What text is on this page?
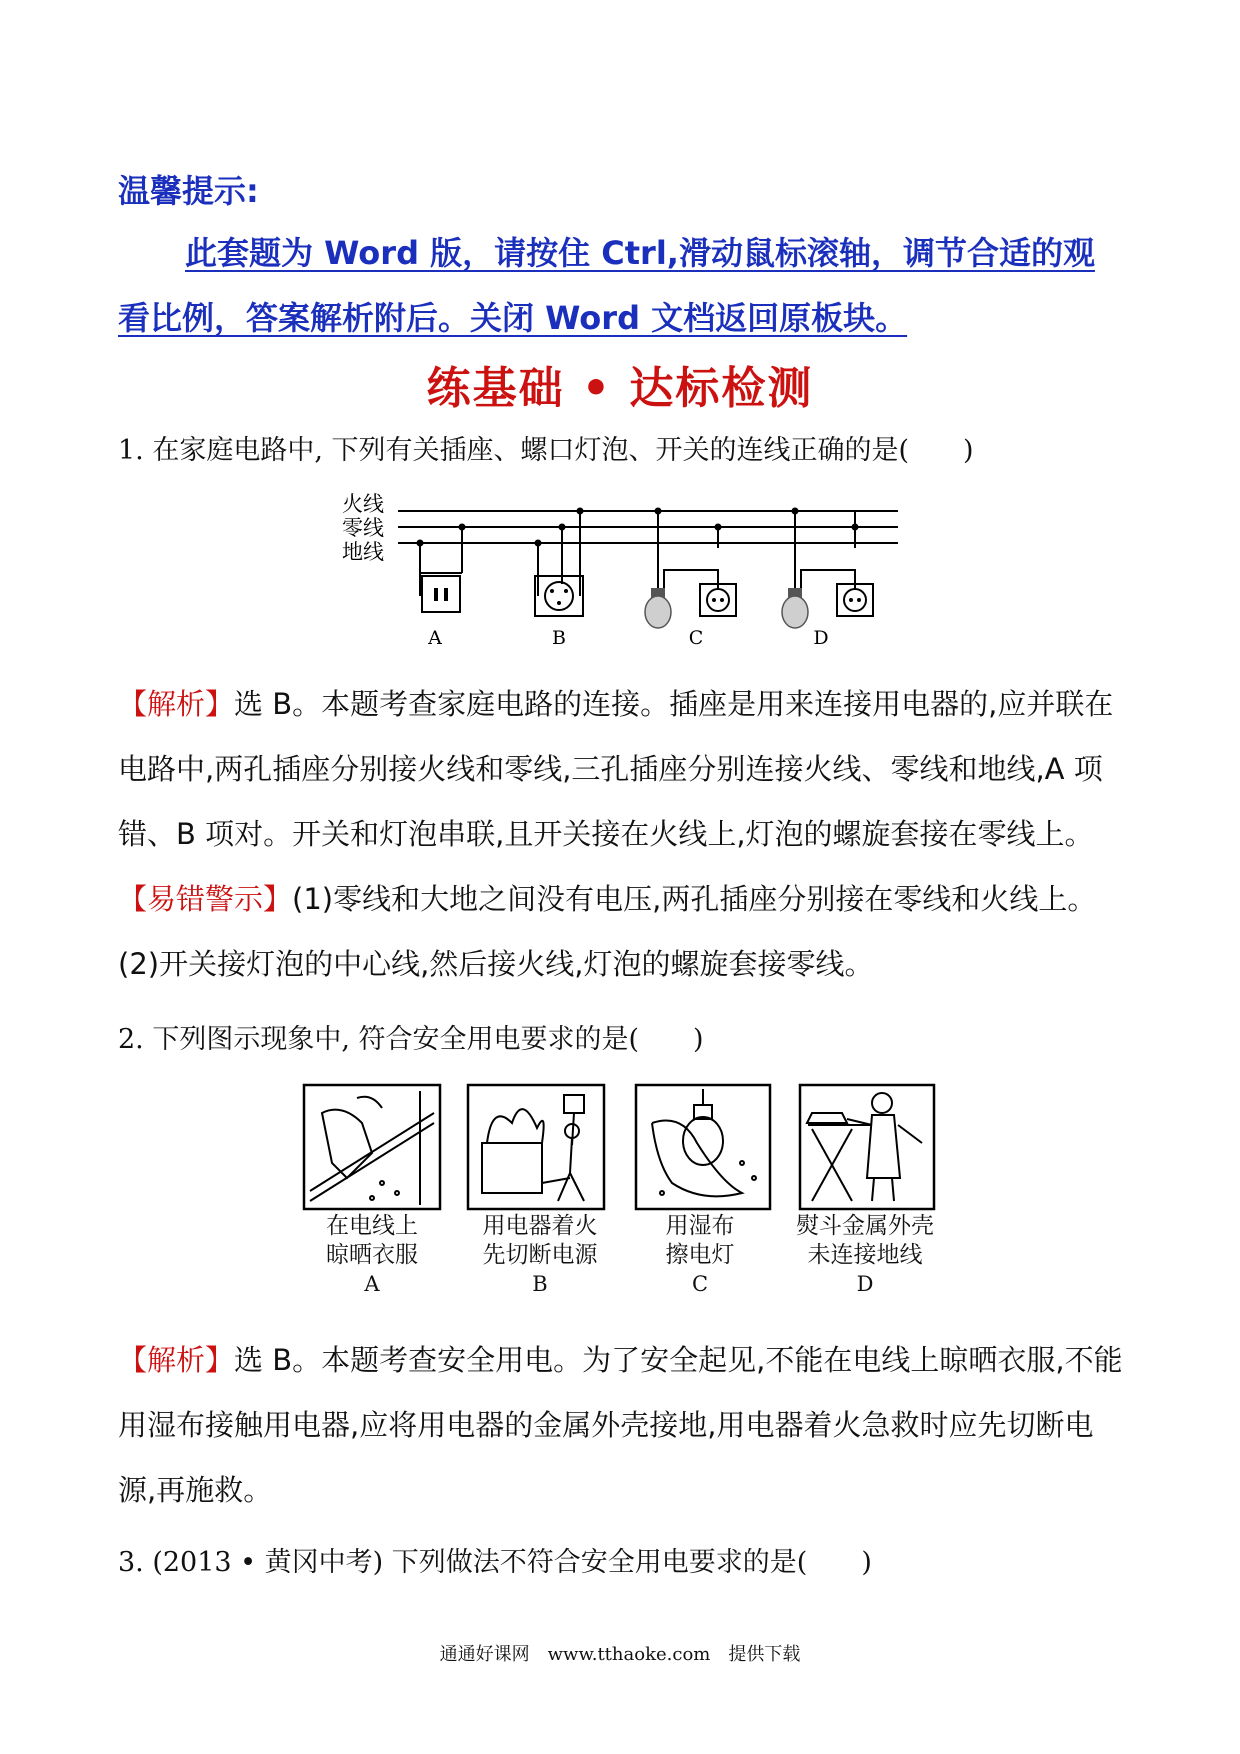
温馨提示:
此套题为 Word 版，请按住 Ctrl,滑动鼠标滚轴，调节合适的观
看比例，答案解析附后。关闭 Word 文档返回原板块。
练基础 • 达标检测
1. 在家庭电路中, 下列有关插座、螺口灯泡、开关的连线正确的是(　　)
火线
零线
地线
A	B	C	D
【解析】选 B。本题考查家庭电路的连接。插座是用来连接用电器的,应并联在
电路中,两孔插座分别接火线和零线,三孔插座分别连接火线、零线和地线,A 项
错、B 项对。开关和灯泡串联,且开关接在火线上,灯泡的螺旋套接在零线上。
【易错警示】(1)零线和大地之间没有电压,两孔插座分别接在零线和火线上。
(2)开关接灯泡的中心线,然后接火线,灯泡的螺旋套接零线。
2. 下列图示现象中, 符合安全用电要求的是(　　)
在电线上
晾晒衣服
A
用电器着火
先切断电源
B
用湿布
擦电灯
C
熨斗金属外壳
未连接地线
D
【解析】选 B。本题考查安全用电。为了安全起见,不能在电线上晾晒衣服,不能
用湿布接触用电器,应将用电器的金属外壳接地,用电器着火急救时应先切断电
源,再施救。
3. (2013 • 黄冈中考) 下列做法不符合安全用电要求的是(　　)
通通好课网　www.tthaoke.com　提供下载
